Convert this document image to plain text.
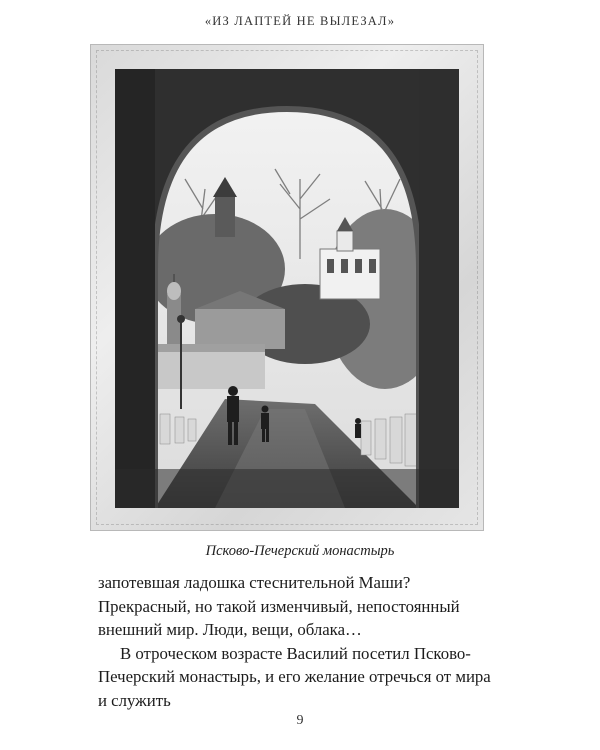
«ИЗ ЛАПТЕЙ НЕ ВЫЛЕЗАЛ»
Псково-Печерский монастырь

запотевшая ладошка стеснительной Маши? Прекрасный, но такой изменчивый, непостоянный внешний мир. Люди, вещи, облака…

В отроческом возрасте Василий посетил Псково-Печерский монастырь, и его желание отречься от мира и служить

9
